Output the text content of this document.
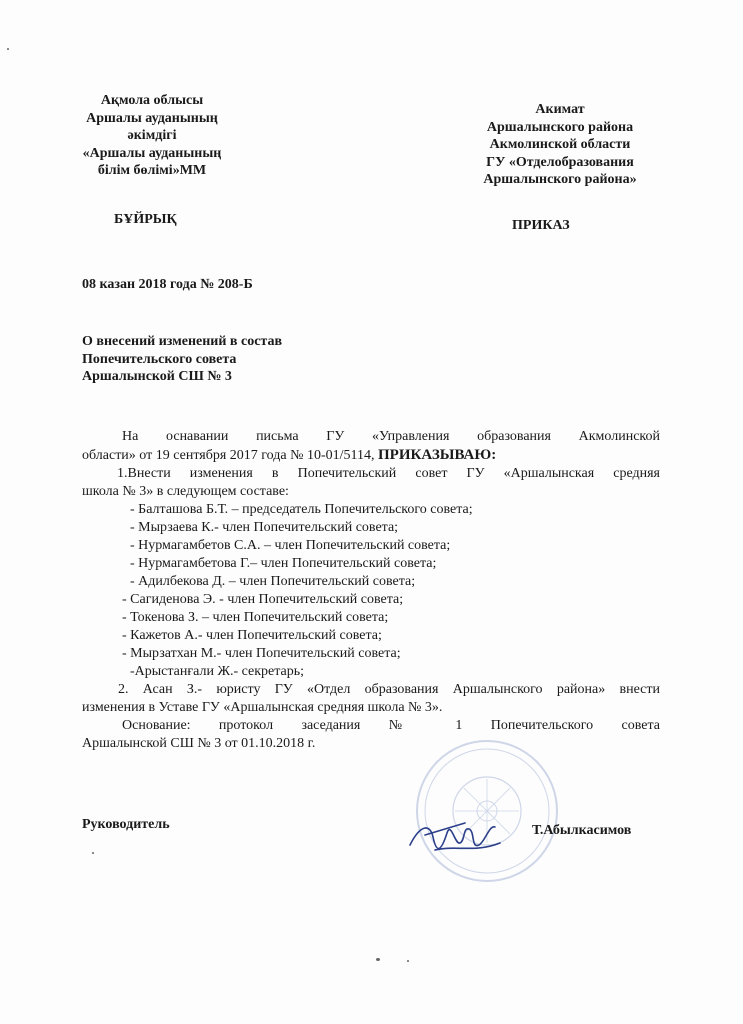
Ақмола облысы
Аршалы ауданының
әкімдігі
«Аршалы ауданының
білім бөлімі»ММ
БҰЙРЫҚ
Акимат
Аршалынского района
Акмолинской области
ГУ «Отделобразования
Аршалынского района»
ПРИКАЗ
08 казан 2018 года № 208-Б
О внесений изменений в состав
Попечительского совета
Аршалынской СШ № 3
На оснавании письма ГУ «Управления образования Акмолинской
области» от 19 сентября 2017 года № 10-01/5114, ПРИКАЗЫВАЮ:
1.Внести изменения в Попечительский совет ГУ «Аршалынская средняя
школа № 3» в следующем составе:
- Балташова Б.Т. – председатель Попечительского совета;
- Мырзаева К.- член Попечительский совета;
- Нурмагамбетов С.А. – член Попечительский совета;
- Нурмагамбетова Г.– член Попечительский совета;
- Адилбекова Д. – член Попечительский совета;
- Сагиденова Э. - член Попечительский совета;
- Токенова З. – член Попечительский совета;
- Кажетов А.- член Попечительский совета;
- Мырзатхан М.- член Попечительский совета;
-Арыстанғали Ж.- секретарь;
2. Асан З.- юристу ГУ «Отдел образования Аршалынского района» внести
изменения в Уставе ГУ «Аршалынская средняя школа № 3».
Основание: протокол заседания № 1 Попечительского совета
Аршалынской СШ № 3 от 01.10.2018 г.
Руководитель	Т.Абылкасимов
